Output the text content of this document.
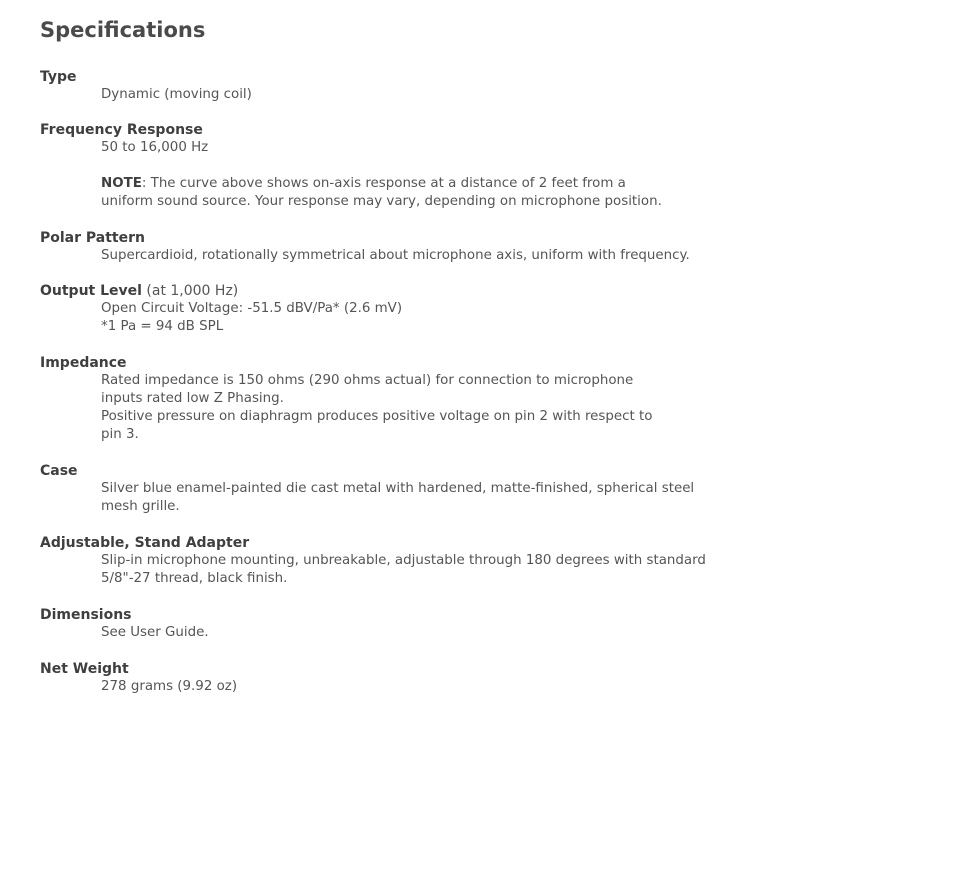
Specifications
Type

Dynamic (moving coil)

Frequency Response

50 to 16,000 Hz

NOTE: The curve above shows on-axis response at a distance of 2 feet from a uniform sound source. Your response may vary, depending on microphone position.

Polar Pattern

Supercardioid, rotationally symmetrical about microphone axis, uniform with frequency.

Output Level (at 1,000 Hz)

Open Circuit Voltage: -51.5 dBV/Pa* (2.6 mV)

*1 Pa = 94 dB SPL

Impedance

Rated impedance is 150 ohms (290 ohms actual) for connection to microphone inputs rated low Z Phasing.

Positive pressure on diaphragm produces positive voltage on pin 2 with respect to pin 3.

Case

Silver blue enamel-painted die cast metal with hardened, matte-finished, spherical steel mesh grille.

Adjustable, Stand Adapter

Slip-in microphone mounting, unbreakable, adjustable through 180 degrees with standard 5/8"-27 thread, black finish.

Dimensions

See User Guide.

Net Weight

278 grams (9.92 oz)
